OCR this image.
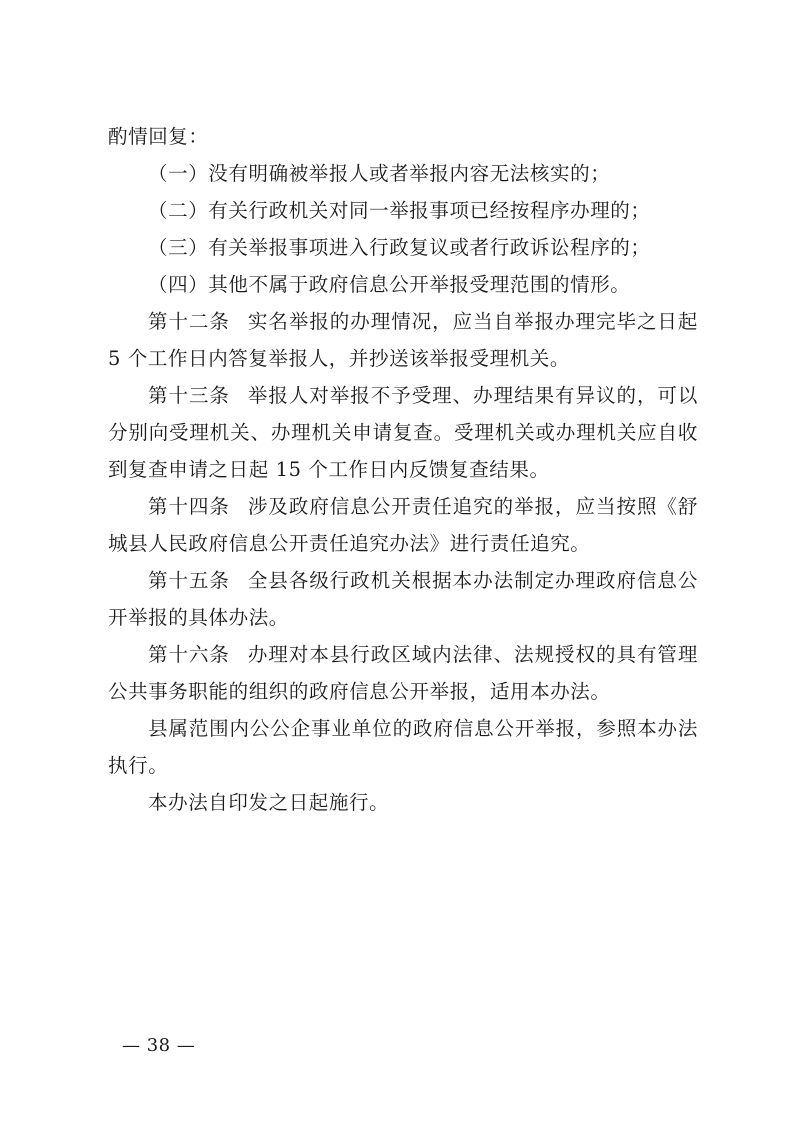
酌情回复：

（一）没有明确被举报人或者举报内容无法核实的；

（二）有关行政机关对同一举报事项已经按程序办理的；

（三）有关举报事项进入行政复议或者行政诉讼程序的；

（四）其他不属于政府信息公开举报受理范围的情形。

第十二条 实名举报的办理情况，应当自举报办理完毕之日起 5 个工作日内答复举报人，并抄送该举报受理机关。

第十三条 举报人对举报不予受理、办理结果有异议的，可以分别向受理机关、办理机关申请复查。受理机关或办理机关应自收到复查申请之日起 15 个工作日内反馈复查结果。

第十四条 涉及政府信息公开责任追究的举报，应当按照《舒城县人民政府信息公开责任追究办法》进行责任追究。

第十五条 全县各级行政机关根据本办法制定办理政府信息公开举报的具体办法。

第十六条 办理对本县行政区域内法律、法规授权的具有管理公共事务职能的组织的政府信息公开举报，适用本办法。

县属范围内公公企事业单位的政府信息公开举报，参照本办法执行。

本办法自印发之日起施行。

— 38 —
